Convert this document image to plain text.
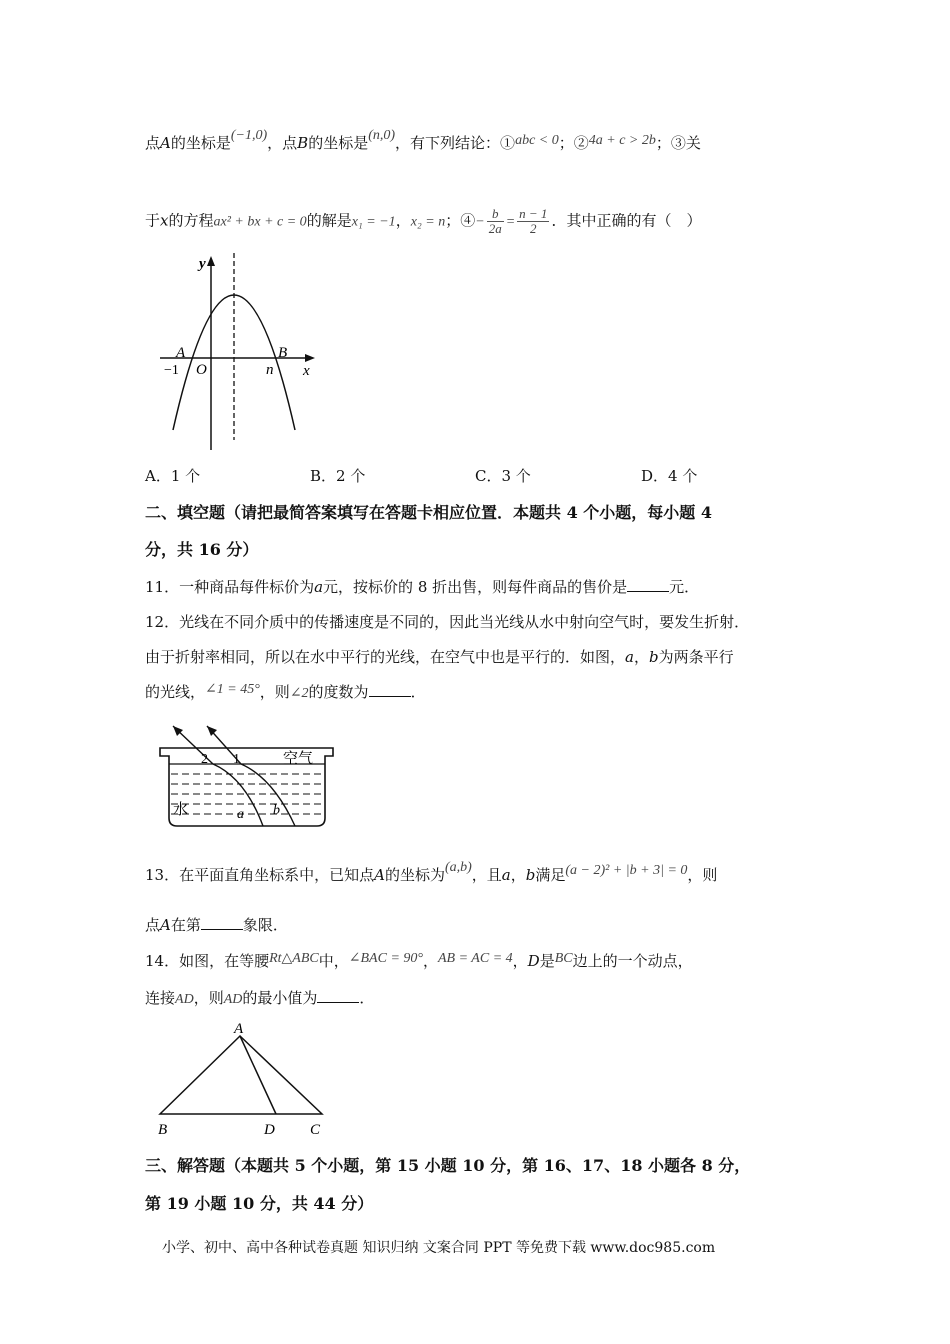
点A的坐标是(−1,0)，点B的坐标是(n,0)，有下列结论：①abc < 0；②4a + c > 2b；③关
于x的方程ax² + bx + c = 0的解是x₁ = −1，x₂ = n；④− $\frac{b}{2a} = \frac{n - 1}{2}$ ．其中正确的有（　）
y
x
A	B
−1 O	n
A．1 个	B．2 个	C．3 个	D．4 个
二、填空题（请把最简答案填写在答题卡相应位置．本题共 4 个小题，每小题 4
分，共 16 分）
11．一种商品每件标价为a元，按标价的 8 折出售，则每件商品的售价是	元．
12．光线在不同介质中的传播速度是不同的，因此当光线从水中射向空气时，要发生折射．
由于折射率相同，所以在水中平行的光线，在空气中也是平行的．如图，a，b为两条平行
的光线，∠1 = 45°，则∠2的度数为	．
2 1	空气
水	a b
13．在平面直角坐标系中，已知点A的坐标为(a,b)，且a，b满足(a − 2)² + |b + 3| = 0，则
点A在第	象限．
14．如图，在等腰Rt△ABC中，∠BAC = 90°，AB = AC = 4，D是BC边上的一个动点，
连接AD，则AD的最小值为	．
A
B	D C
三、解答题（本题共 5 个小题，第 15 小题 10 分，第 16、17、18 小题各 8 分，
第 19 小题 10 分，共 44 分）
小学、初中、高中各种试卷真题 知识归纳 文案合同 PPT 等免费下载 www.doc985.com
